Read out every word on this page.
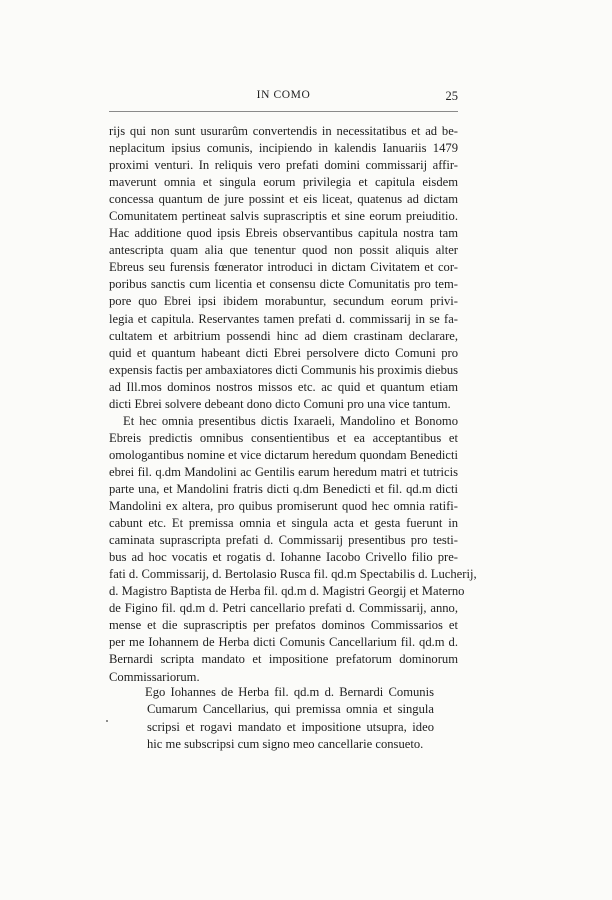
IN COMO	25
rijs qui non sunt usurarûm convertendis in necessitatibus et ad be-
neplacitum ipsius comunis, incipiendo in kalendis Ianuariis 1479
proximi venturi. In reliquis vero prefati domini commissarij affir-
maverunt omnia et singula eorum privilegia et capitula eisdem
concessa quantum de jure possint et eis liceat, quatenus ad dictam
Comunitatem pertineat salvis suprascriptis et sine eorum preiuditio.
Hac additione quod ipsis Ebreis observantibus capitula nostra tam
antescripta quam alia que tenentur quod non possit aliquis alter
Ebreus seu furensis fœnerator introduci in dictam Civitatem et cor-
poribus sanctis cum licentia et consensu dicte Comunitatis pro tem-
pore quo Ebrei ipsi ibidem morabuntur, secundum eorum privi-
legia et capitula. Reservantes tamen prefati d. commissarij in se fa-
cultatem et arbitrium possendi hinc ad diem crastinam declarare,
quid et quantum habeant dicti Ebrei persolvere dicto Comuni pro
expensis factis per ambaxiatores dicti Communis his proximis diebus
ad Ill.mos dominos nostros missos etc. ac quid et quantum etiam
dicti Ebrei solvere debeant dono dicto Comuni pro una vice tantum.
Et hec omnia presentibus dictis Ixaraeli, Mandolino et Bonomo
Ebreis predictis omnibus consentientibus et ea acceptantibus et
omologantibus nomine et vice dictarum heredum quondam Benedicti
ebrei fil. q.dm Mandolini ac Gentilis earum heredum matri et tutricis
parte una, et Mandolini fratris dicti q.dm Benedicti et fil. qd.m dicti
Mandolini ex altera, pro quibus promiserunt quod hec omnia ratifi-
cabunt etc. Et premissa omnia et singula acta et gesta fuerunt in
caminata suprascripta prefati d. Commissarij presentibus pro testi-
bus ad hoc vocatis et rogatis d. Iohanne Iacobo Crivello filio pre-
fati d. Commissarij, d. Bertolasio Rusca fil. qd.m Spectabilis d. Lucherij,
d. Magistro Baptista de Herba fil. qd.m d. Magistri Georgij et Materno
de Figino fil. qd.m d. Petri cancellario prefati d. Commissarij, anno,
mense et die suprascriptis per prefatos dominos Commissarios et
per me Iohannem de Herba dicti Comunis Cancellarium fil. qd.m d.
Bernardi scripta mandato et impositione prefatorum dominorum
Commissariorum.
Ego Iohannes de Herba fil. qd.m d. Bernardi Comunis
Cumarum Cancellarius, qui premissa omnia et singula
scripsi et rogavi mandato et impositione utsupra, ideo
hic me subscripsi cum signo meo cancellarie consueto.
